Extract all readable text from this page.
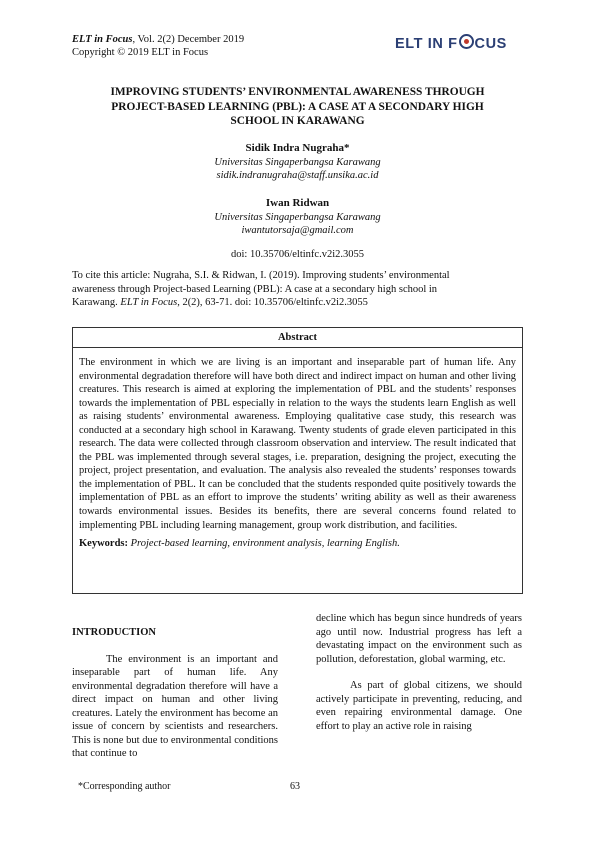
ELT in Focus, Vol. 2(2) December 2019
Copyright © 2019 ELT in Focus
ELT IN F CUS
IMPROVING STUDENTS’ ENVIRONMENTAL AWARENESS THROUGH
PROJECT-BASED LEARNING (PBL): A CASE AT A SECONDARY HIGH
SCHOOL IN KARAWANG
Sidik Indra Nugraha*
Universitas Singaperbangsa Karawang
sidik.indranugraha@staff.unsika.ac.id
Iwan Ridwan
Universitas Singaperbangsa Karawang
iwantutorsaja@gmail.com
doi: 10.35706/eltinfc.v2i2.3055
To cite this article: Nugraha, S.I. & Ridwan, I. (2019). Improving students’ environmental
awareness through Project-based Learning (PBL): A case at a secondary high school in
Karawang. ELT in Focus, 2(2), 63-71. doi: 10.35706/eltinfc.v2i2.3055
Abstract
The environment in which we are living is an important and inseparable part of human life. Any environmental degradation therefore will have both direct and indirect impact on human and other living creatures. This research is aimed at exploring the implementation of PBL and the students’ responses towards the implementation of PBL especially in relation to the ways the students learn English as well as raising students’ environmental awareness. Employing qualitative case study, this research was conducted at a secondary high school in Karawang. Twenty students of grade eleven participated in this research. The data were collected through classroom observation and interview. The result indicated that the PBL was implemented through several stages, i.e. preparation, designing the project, executing the project, project presentation, and evaluation. The analysis also revealed the students’ responses towards the implementation of PBL. It can be concluded that the students responded quite positively towards the implementation of PBL as an effort to improve the students’ writing ability as well as their awareness towards environmental issues. Besides its benefits, there are several concerns found related to implementing PBL including learning management, group work distribution, and facilities.
Keywords: Project-based learning, environment analysis, learning English.

INTRODUCTION

The environment is an important and inseparable part of human life. Any environmental degradation therefore will have a direct impact on human and other living creatures. Lately the environment has become an issue of concern by scientists and researchers. This is none but due to environmental conditions that continue to

decline which has begun since hundreds of years ago until now. Industrial progress has left a devastating impact on the environment such as pollution, deforestation, global warming, etc.

As part of global citizens, we should actively participate in preventing, reducing, and even repairing environmental damage. One effort to play an active role in raising

*Corresponding author	63
